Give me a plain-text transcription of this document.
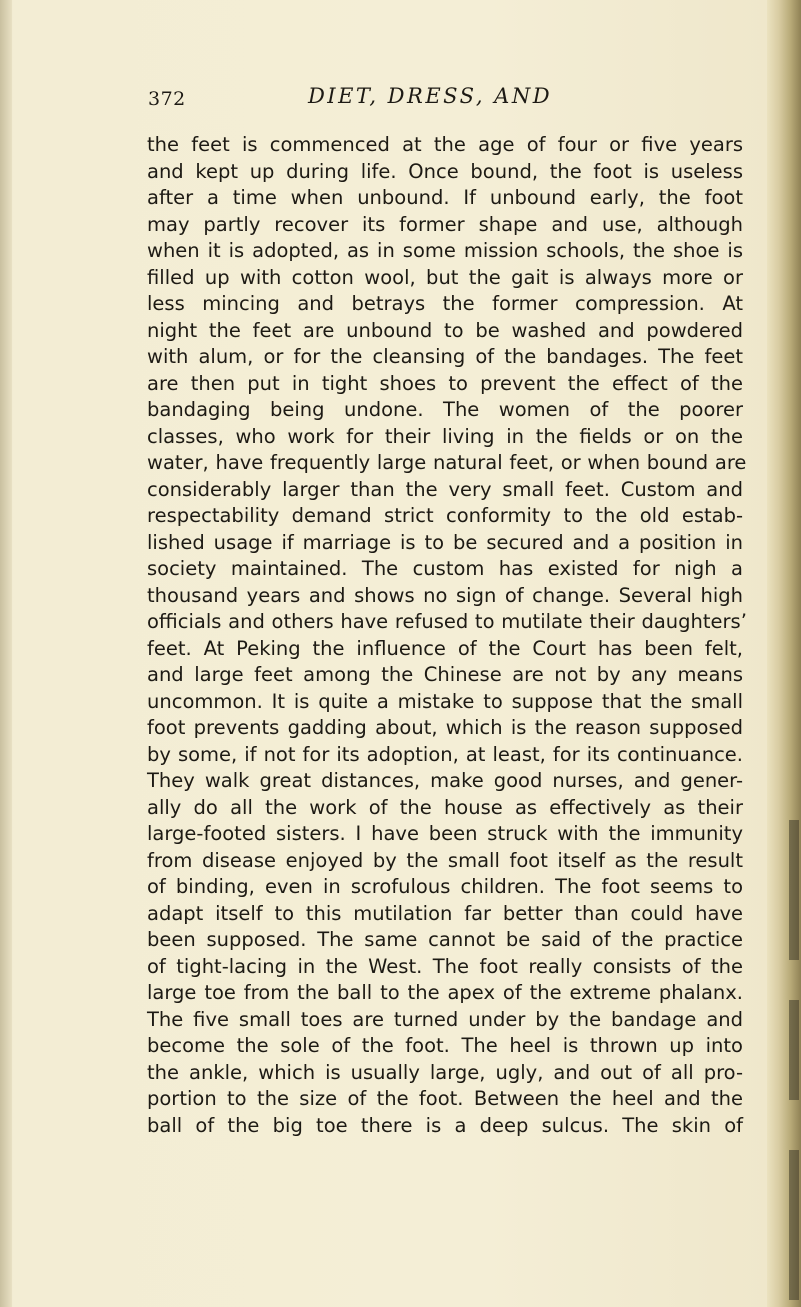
372	DIET, DRESS, AND
the feet is commenced at the age of four or five years
and kept up during life. Once bound, the foot is useless
after a time when unbound. If unbound early, the foot
may partly recover its former shape and use, although
when it is adopted, as in some mission schools, the shoe is
filled up with cotton wool, but the gait is always more or
less mincing and betrays the former compression. At
night the feet are unbound to be washed and powdered
with alum, or for the cleansing of the bandages. The feet
are then put in tight shoes to prevent the effect of the
bandaging being undone. The women of the poorer
classes, who work for their living in the fields or on the
water, have frequently large natural feet, or when bound are
considerably larger than the very small feet. Custom and
respectability demand strict conformity to the old estab-
lished usage if marriage is to be secured and a position in
society maintained. The custom has existed for nigh a
thousand years and shows no sign of change. Several high
officials and others have refused to mutilate their daughters’
feet. At Peking the influence of the Court has been felt,
and large feet among the Chinese are not by any means
uncommon. It is quite a mistake to suppose that the small
foot prevents gadding about, which is the reason supposed
by some, if not for its adoption, at least, for its continuance.
They walk great distances, make good nurses, and gener-
ally do all the work of the house as effectively as their
large-footed sisters. I have been struck with the immunity
from disease enjoyed by the small foot itself as the result
of binding, even in scrofulous children. The foot seems to
adapt itself to this mutilation far better than could have
been supposed. The same cannot be said of the practice
of tight-lacing in the West. The foot really consists of the
large toe from the ball to the apex of the extreme phalanx.
The five small toes are turned under by the bandage and
become the sole of the foot. The heel is thrown up into
the ankle, which is usually large, ugly, and out of all pro-
portion to the size of the foot. Between the heel and the
ball of the big toe there is a deep sulcus. The skin of
